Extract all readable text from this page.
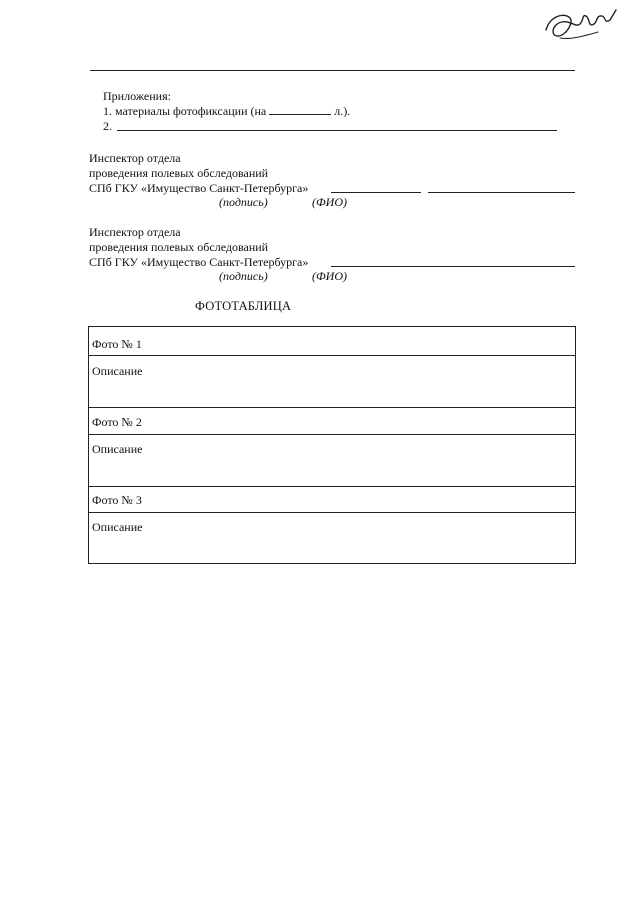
Приложения:
1. материалы фотофиксации (на	л.).
2.
Инспектор отдела
проведения полевых обследований
СПб ГКУ «Имущество Санкт-Петербурга»
(подпись)	(ФИО)
Инспектор отдела
проведения полевых обследований
СПб ГКУ «Имущество Санкт-Петербурга»
(подпись)	(ФИО)
ФОТОТАБЛИЦА
Фото № 1
Описание
Фото № 2
Описание
Фото № 3
Описание
